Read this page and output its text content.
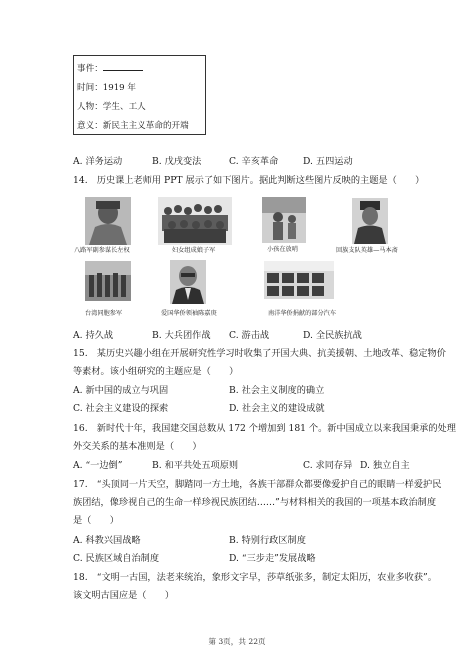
事件：
时间：1919 年
人物：学生、工人
意义：新民主主义革命的开端
A. 洋务运动	B. 戊戌变法	C. 辛亥革命	D. 五四运动
14.　历史课上老师用 PPT 展示了如下图片。据此判断这些图片反映的主题是（　　）
八路军副参谋长左权	妇女组成娘子军	小孩在放哨	回族支队英雄—马本斋
台湾同胞参军	爱国华侨领袖陈嘉庚	南洋华侨捐献的部分汽车
A. 持久战	B. 大兵团作战 C. 游击战	D. 全民族抗战
15.　某历史兴趣小组在开展研究性学习时收集了开国大典、抗美援朝、土地改革、稳定物价
等素材。该小组研究的主题应是（　　）
A. 新中国的成立与巩固	B. 社会主义制度的确立
C. 社会主义建设的探索	D. 社会主义的建设成就
16.　新时代十年，我国建交国总数从 172 个增加到 181 个。新中国成立以来我国秉承的处理
外交关系的基本准则是（　　）
A. “一边倒”	B. 和平共处五项原则	C. 求同存异 D. 独立自主
17.　“头顶同一片天空，脚踏同一方土地，各族干部群众都要像爱护自己的眼睛一样爱护民
族团结，像珍视自己的生命一样珍视民族团结……”与材料相关的我国的一项基本政治制度
是（　　）
A. 科教兴国战略	B. 特别行政区制度
C. 民族区域自治制度	D. “三步走”发展战略
18.　“文明一古国，法老来统治，象形文字早，莎草纸张多，制定太阳历，农业多收获”。
该文明古国应是（　　）
第 3页，共 22页
